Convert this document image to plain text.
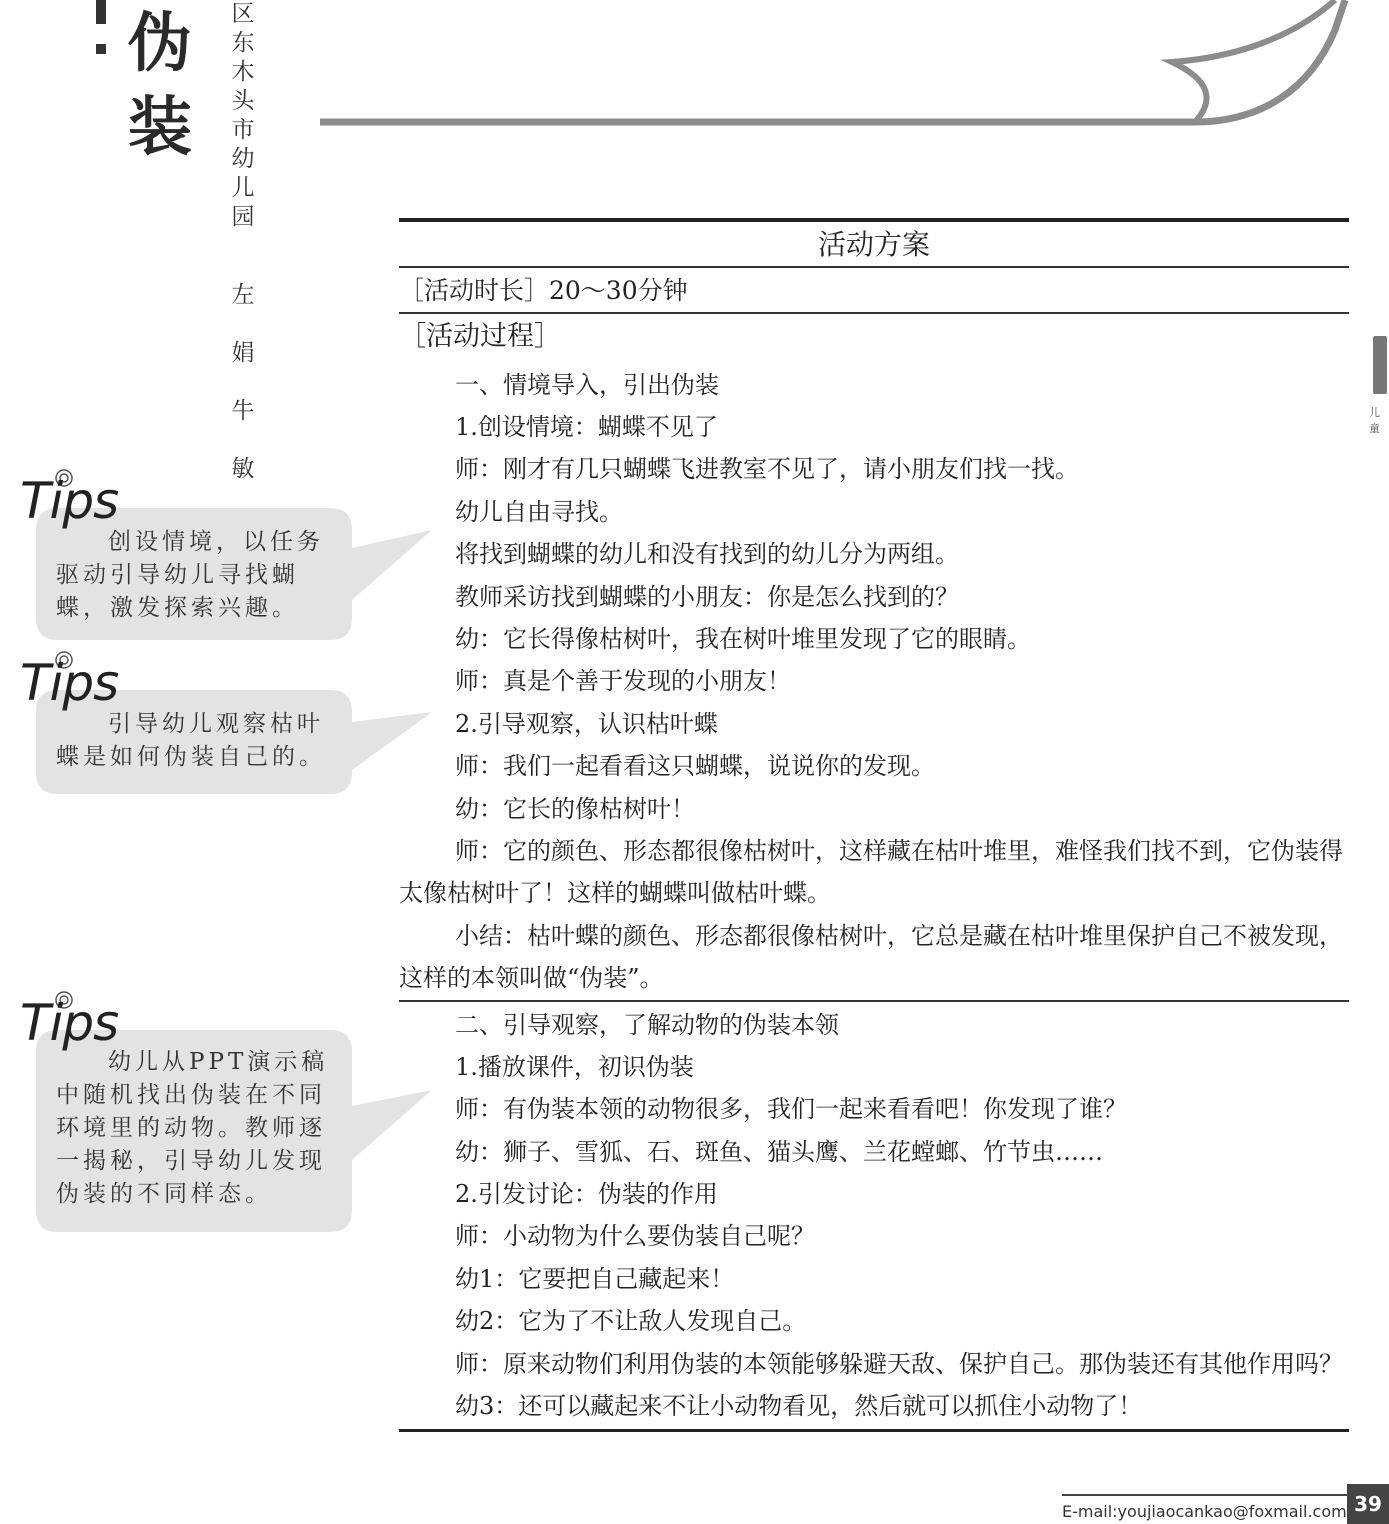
伪
装
区
东
木
头
市
幼
儿
园
左
娟
牛
敏
Tips
创设情境，以任务驱动引导幼儿寻找蝴蝶，激发探索兴趣。
Tips
引导幼儿观察枯叶蝶是如何伪装自己的。
Tips
幼儿从PPT演示稿中随机找出伪装在不同环境里的动物。教师逐一揭秘，引导幼儿发现伪装的不同样态。
儿童
活动方案
［活动时长］20～30分钟
［活动过程］
一、情境导入，引出伪装
1.创设情境：蝴蝶不见了
师：刚才有几只蝴蝶飞进教室不见了，请小朋友们找一找。
幼儿自由寻找。
将找到蝴蝶的幼儿和没有找到的幼儿分为两组。
教师采访找到蝴蝶的小朋友：你是怎么找到的？
幼：它长得像枯树叶，我在树叶堆里发现了它的眼睛。
师：真是个善于发现的小朋友！
2.引导观察，认识枯叶蝶
师：我们一起看看这只蝴蝶，说说你的发现。
幼：它长的像枯树叶！
师：它的颜色、形态都很像枯树叶，这样藏在枯叶堆里，难怪我们找不到，它伪装得太像枯树叶了！这样的蝴蝶叫做枯叶蝶。
小结：枯叶蝶的颜色、形态都很像枯树叶，它总是藏在枯叶堆里保护自己不被发现，这样的本领叫做“伪装”。
二、引导观察，了解动物的伪装本领
1.播放课件，初识伪装
师：有伪装本领的动物很多，我们一起来看看吧！你发现了谁？
幼：狮子、雪狐、石、斑鱼、猫头鹰、兰花螳螂、竹节虫……
2.引发讨论：伪装的作用
师：小动物为什么要伪装自己呢？
幼1：它要把自己藏起来！
幼2：它为了不让敌人发现自己。
师：原来动物们利用伪装的本领能够躲避天敌、保护自己。那伪装还有其他作用吗？
幼3：还可以藏起来不让小动物看见，然后就可以抓住小动物了！
E-mail:youjiaocankao@foxmail.com 39
